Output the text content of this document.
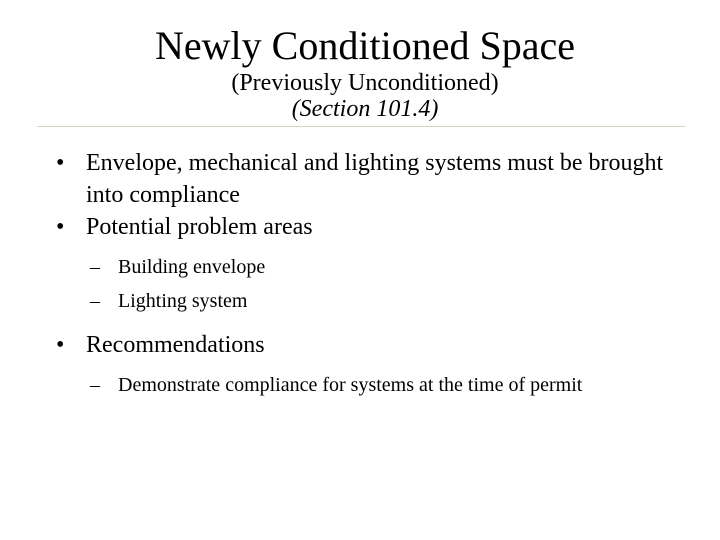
Newly Conditioned Space
(Previously Unconditioned)
(Section 101.4)
• Envelope, mechanical and lighting systems must be brought into compliance
• Potential problem areas
– Building envelope
– Lighting system
• Recommendations
– Demonstrate compliance for systems at the time of permit
